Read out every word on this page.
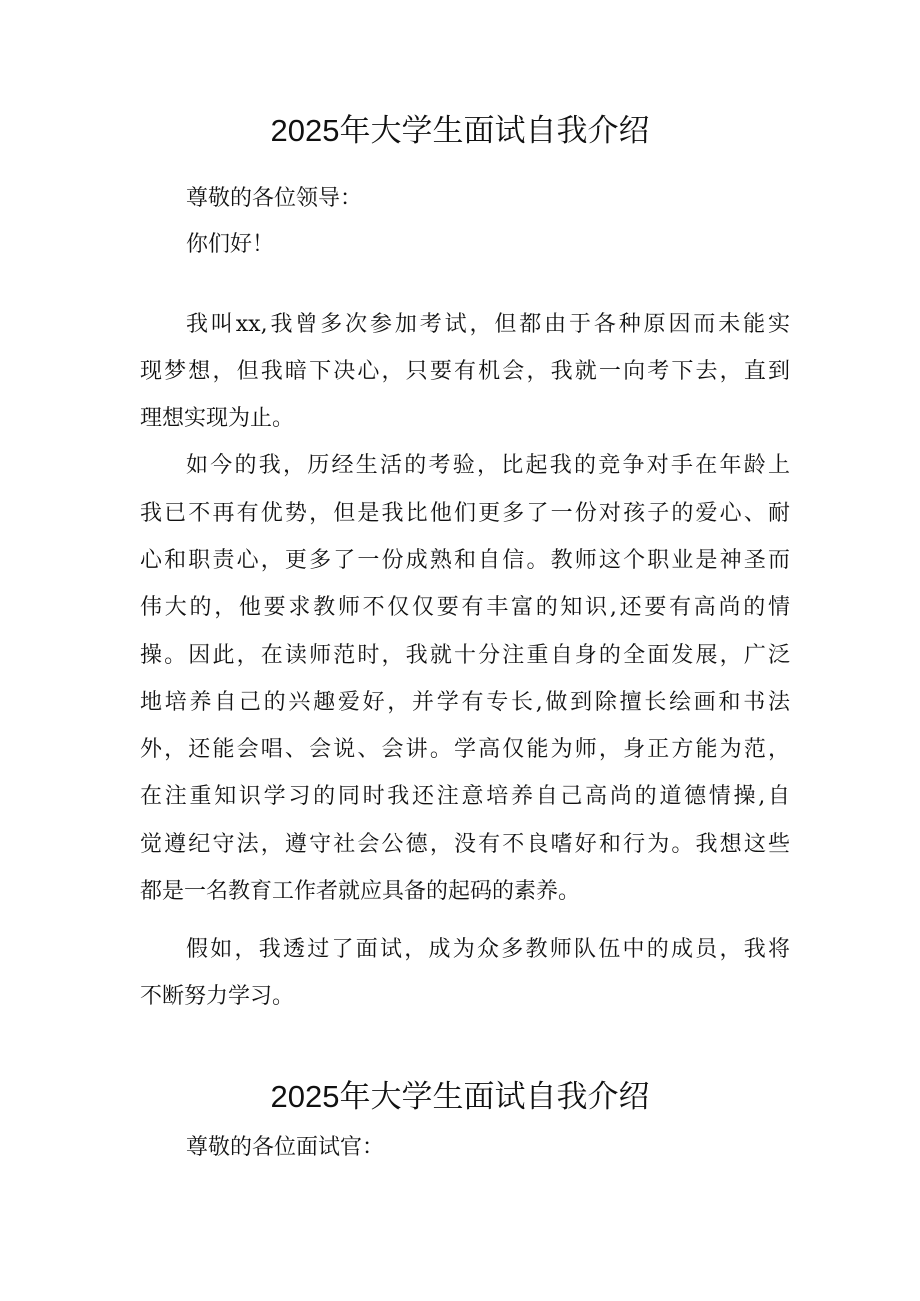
2025年大学生面试自我介绍
尊敬的各位领导：
你们好！
我叫xx,我曾多次参加考试，但都由于各种原因而未能实
现梦想，但我暗下决心，只要有机会，我就一向考下去，直到
理想实现为止。
如今的我，历经生活的考验，比起我的竞争对手在年龄上
我已不再有优势，但是我比他们更多了一份对孩子的爱心、耐
心和职责心，更多了一份成熟和自信。教师这个职业是神圣而
伟大的，他要求教师不仅仅要有丰富的知识,还要有高尚的情
操。因此，在读师范时，我就十分注重自身的全面发展，广泛
地培养自己的兴趣爱好，并学有专长,做到除擅长绘画和书法
外，还能会唱、会说、会讲。学高仅能为师，身正方能为范，
在注重知识学习的同时我还注意培养自己高尚的道德情操,自
觉遵纪守法，遵守社会公德，没有不良嗜好和行为。我想这些
都是一名教育工作者就应具备的起码的素养。
假如，我透过了面试，成为众多教师队伍中的成员，我将
不断努力学习。
2025年大学生面试自我介绍
尊敬的各位面试官：
